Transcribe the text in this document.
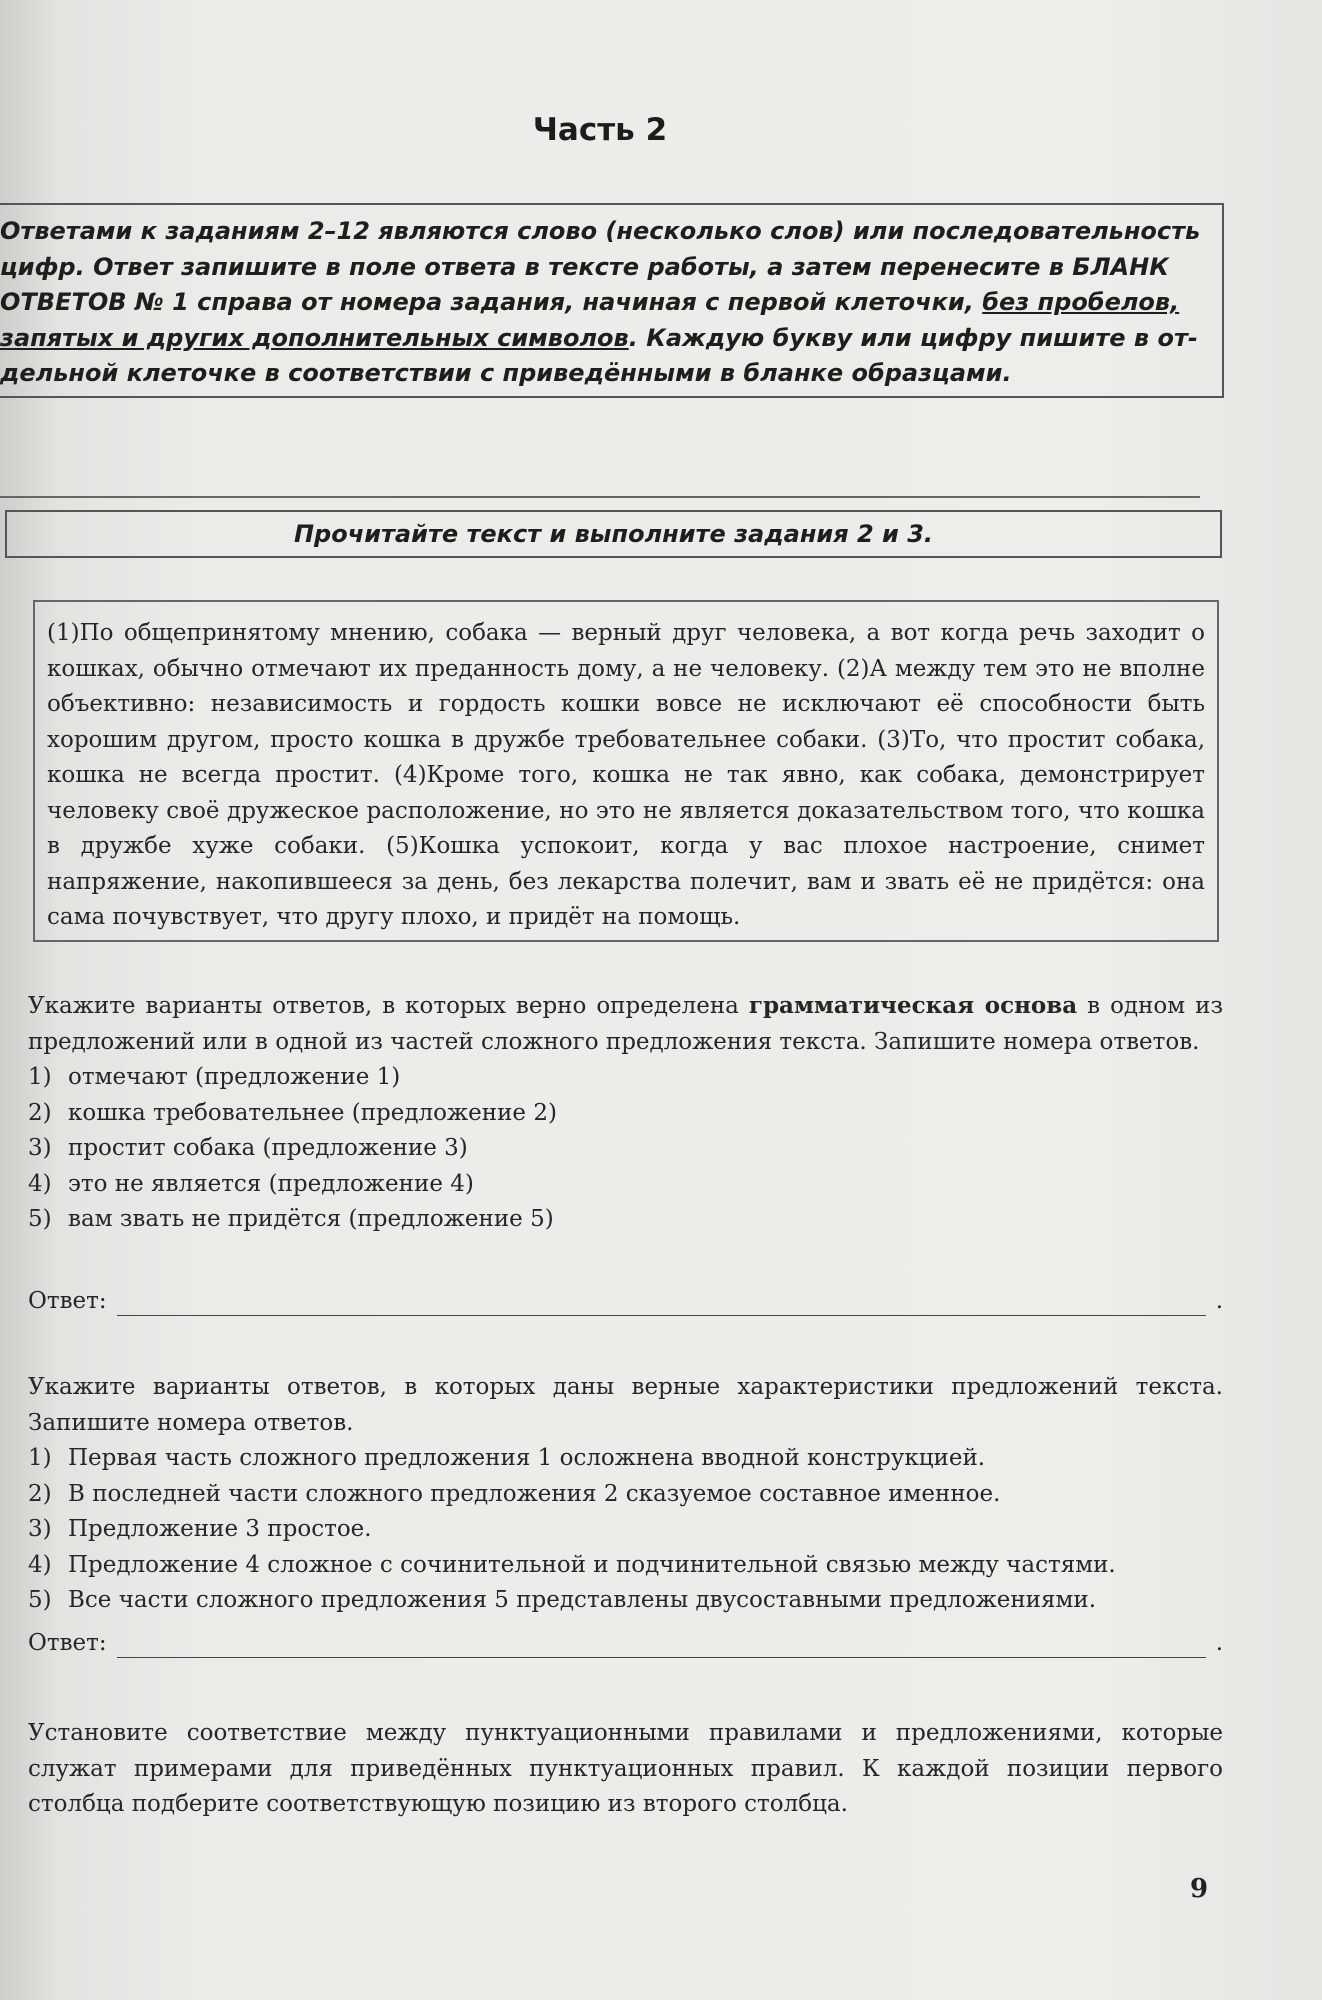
Часть 2
Ответами к заданиям 2–12 являются слово (несколько слов) или последовательность
цифр. Ответ запишите в поле ответа в тексте работы, а затем перенесите в БЛАНК
ОТВЕТОВ № 1 справа от номера задания, начиная с первой клеточки, без пробелов,
запятых и других дополнительных символов. Каждую букву или цифру пишите в от-
дельной клеточке в соответствии с приведёнными в бланке образцами.
Прочитайте текст и выполните задания 2 и 3.
(1)По общепринятому мнению, собака — верный друг человека, а вот когда речь заходит о кошках, обычно отмечают их преданность дому, а не человеку. (2)А между тем это не вполне объективно: независимость и гордость кошки вовсе не исключают её способности быть хорошим другом, просто кошка в дружбе требовательнее собаки. (3)То, что простит собака, кошка не всегда простит. (4)Кроме того, кошка не так явно, как собака, демонстрирует человеку своё дружеское расположение, но это не является доказательством того, что кошка в дружбе хуже собаки. (5)Кошка успокоит, когда у вас плохое настроение, снимет напряжение, накопившееся за день, без лекарства полечит, вам и звать её не придётся: она сама почувствует, что другу плохо, и придёт на помощь.
Укажите варианты ответов, в которых верно определена грамматическая основа в одном из предложений или в одной из частей сложного предложения текста. Запишите номера ответов.
1) отмечают (предложение 1)
2) кошка требовательнее (предложение 2)
3) простит собака (предложение 3)
4) это не является (предложение 4)
5) вам звать не придётся (предложение 5)
Ответ:	.
Укажите варианты ответов, в которых даны верные характеристики предложений текста. Запишите номера ответов.
1) Первая часть сложного предложения 1 осложнена вводной конструкцией.
2) В последней части сложного предложения 2 сказуемое составное именное.
3) Предложение 3 простое.
4) Предложение 4 сложное с сочинительной и подчинительной связью между частями.
5) Все части сложного предложения 5 представлены двусоставными предложениями.
Ответ:	.
Установите соответствие между пунктуационными правилами и предложениями, которые служат примерами для приведённых пунктуационных правил. К каждой позиции первого столбца подберите соответствующую позицию из второго столбца.
9
